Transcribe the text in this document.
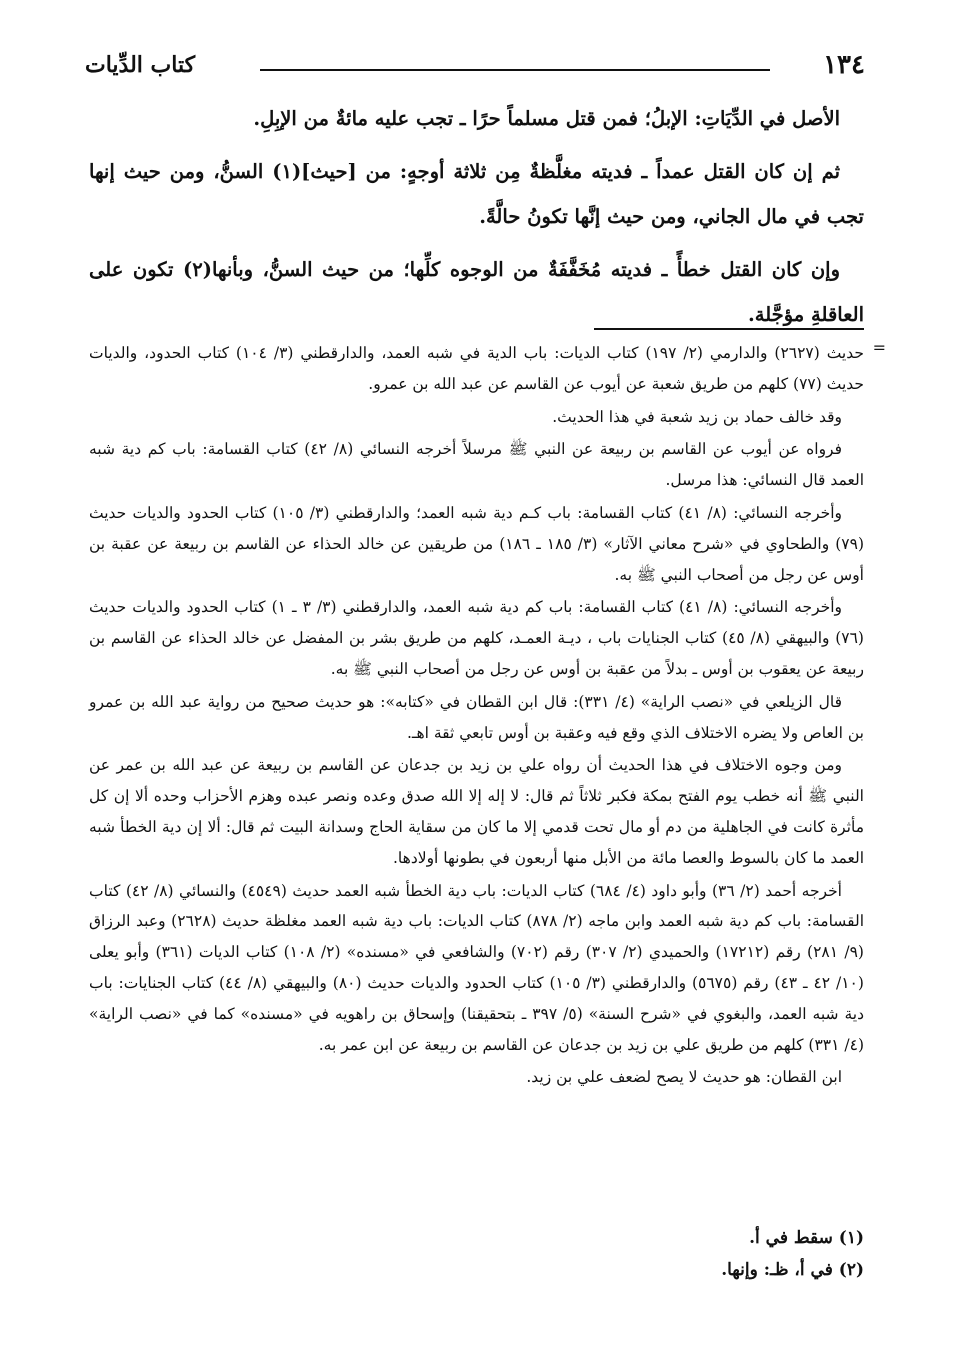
١٣٤
كتاب الدِّيات

الأصل في الدِّيَاتِ: الإبلُ؛ فمن قتل مسلماً حرًا ـ تجب عليه مائةٌ من الإبِلِ.

ثم إن كان القتل عمداً ـ فديته مغلَّظةٌ مِن ثلاثة أوجهٍ: من [حيث](١) السنُّ، ومن حيث إنها تجب في مال الجاني، ومن حيث إنَّها تكونُ حالَّةً.

وإن كان القتل خطأً ـ فديته مُخَفَّفَةٌ من الوجوه كلِّها؛ من حيث السنُّ، وبأنها(٢) تكون على العاقلةِ مؤجَّلة.

=

حديث (٢٦٢٧) والدارمي (٢/ ١٩٧) كتاب الديات: باب الدية في شبه العمد، والدارقطني (٣/ ١٠٤) كتاب الحدود، والديات حديث (٧٧) كلهم من طريق شعبة عن أيوب عن القاسم عن عبد الله بن عمرو.

وقد خالف حماد بن زيد شعبة في هذا الحديث.

فرواه عن أيوب عن القاسم بن ربيعة عن النبي ﷺ مرسلاً أخرجه النسائي (٨/ ٤٢) كتاب القسامة: باب كم دية شبه العمد قال النسائي: هذا مرسل.

وأخرجه النسائي: (٨/ ٤١) كتاب القسامة: باب كـم دية شبه العمد؛ والدارقطني (٣/ ١٠٥) كتاب الحدود والديات حديث (٧٩) والطحاوي في «شرح معاني الآثار» (٣/ ١٨٥ ـ ١٨٦) من طريقين عن خالد الحذاء عن القاسم بن ربيعة عن عقبة بن أوس عن رجل من أصحاب النبي ﷺ به.

وأخرجه النسائي: (٨/ ٤١) كتاب القسامة: باب كم دية شبه العمد، والدارقطني (٣/ ٣ ـ ١) كتاب الحدود والديات حديث (٧٦) والبيهقي (٨/ ٤٥) كتاب الجنايات باب ، ديـة العمـد، كلهم من طريق بشر بن المفضل عن خالد الحذاء عن القاسم بن ربيعة عن يعقوب بن أوس ـ بدلاً من عقبة بن أوس عن رجل من أصحاب النبي ﷺ به.

قال الزيلعي في «نصب الراية» (٤/ ٣٣١): قال ابن القطان في «كتابه»: هو حديث صحيح من رواية عبد الله بن عمرو بن العاص ولا يضره الاختلاف الذي وقع فيه وعقبة بن أوس تابعي ثقة اهـ.

ومن وجوه الاختلاف في هذا الحديث أن رواه علي بن زيد بن جدعان عن القاسم بن ربيعة عن عبد الله بن عمر عن النبي ﷺ أنه خطب يوم الفتح بمكة فكبر ثلاثاً ثم قال: لا إله إلا الله صدق وعده ونصر عبده وهزم الأحزاب وحده ألا إن كل مأثرة كانت في الجاهلية من دم أو مال تحت قدمي إلا ما كان من سقاية الحاج وسدانة البيت ثم قال: ألا إن دية الخطأ شبه العمد ما كان بالسوط والعصا مائة من الأبل منها أربعون في بطونها أولادها.

أخرجه أحمد (٢/ ٣٦) وأبو داود (٤/ ٦٨٤) كتاب الديات: باب دية الخطأ شبه العمد حديث (٤٥٤٩) والنسائي (٨/ ٤٢) كتاب القسامة: باب كم دية شبه العمد وابن ماجه (٢/ ٨٧٨) كتاب الديات: باب دية شبه العمد مغلظة حديث (٢٦٢٨) وعبد الرزاق (٩/ ٢٨١) رقم (١٧٢١٢) والحميدي (٢/ ٣٠٧) رقم (٧٠٢) والشافعي في «مسنده» (٢/ ١٠٨) كتاب الديات (٣٦١) وأبو يعلى (١٠/ ٤٢ ـ ٤٣) رقم (٥٦٧٥) والدارقطني (٣/ ١٠٥) كتاب الحدود والديات حديث (٨٠) والبيهقي (٨/ ٤٤) كتاب الجنايات: باب دية شبه العمد، والبغوي في «شرح السنة» (٥/ ٣٩٧ ـ بتحقيقنا) وإسحاق بن راهويه في «مسنده» كما في «نصب الراية» (٤/ ٣٣١) كلهم من طريق علي بن زيد بن جدعان عن القاسم بن ربيعة عن ابن عمر به.

ابن القطان: هو حديث لا يصح لضعف علي بن زيد.

(١) سقط في أ.

(٢) في أ، ظـ: وإنها.
